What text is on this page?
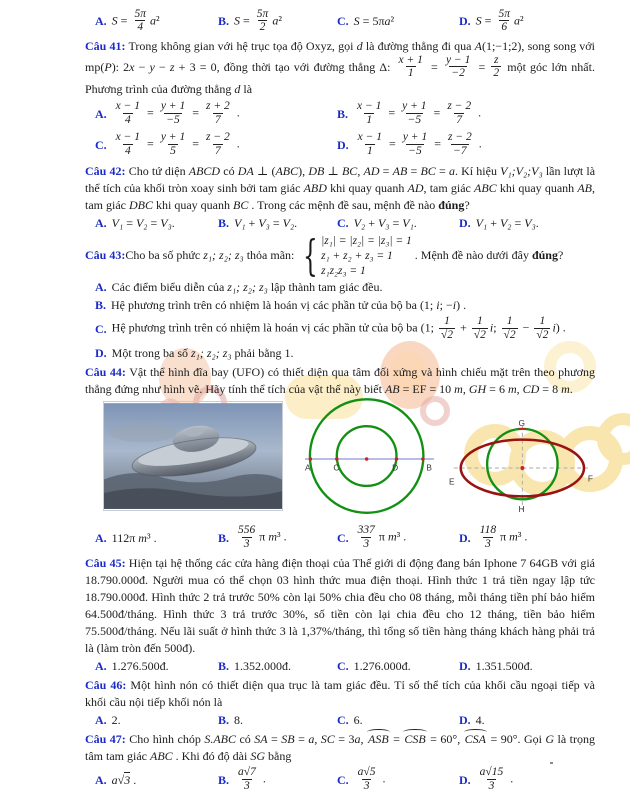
A. $S = \frac{5\pi}{4} a^2$	B. $S = \frac{5\pi}{2} a^2$	C. S = 5πa²	D. $S = \frac{5\pi}{6} a^2$

Câu 41: Trong không gian với hệ trục tọa độ Oxyz, gọi d là đường thẳng đi qua A(1;−1;2), song song với mp(P): 2x − y − z + 3 = 0, đồng thời tạo với đường thẳng Δ: $\frac{x + 1}{1} = \frac{y - 1}{-2} = \frac{z}{2}$ một góc lớn nhất. Phương trình của đường thẳng d là

A. $\frac{x - 1}{4} = \frac{y + 1}{-5} = \frac{z + 2}{7}$ .	B. $\frac{x - 1}{1} = \frac{y + 1}{-5} = \frac{z - 2}{7}$ .
C. $\frac{x - 1}{4} = \frac{y + 1}{5} = \frac{z - 2}{7}$ .	D. $\frac{x - 1}{1} = \frac{y + 1}{-5} = \frac{z - 2}{-7}$ .

Câu 42: Cho tứ diện ABCD có DA ⊥ (ABC), DB ⊥ BC, AD = AB = BC = a. Kí hiệu V₁;V₂;V₃ lần lượt là thể tích của khối tròn xoay sinh bởi tam giác ABD khi quay quanh AD, tam giác ABC khi quay quanh AB, tam giác DBC khi quay quanh BC . Trong các mệnh đề sau, mệnh đề nào đúng?

A. V₁ = V₂ = V₃.	B. V₁ + V₃ = V₂.	C. V₂ + V₃ = V₁.	D. V₁ + V₂ = V₃.
Câu 43: Cho ba số phức z₁; z₂; z₃ thỏa mãn: { |z₁| = |z₂| = |z₃| = 1
z₁ + z₂ + z₃ = 1
z₁z₂z₃ = 1
. Mệnh đề nào dưới đây đúng?
A. Các điểm biểu diễn của z₁; z₂; z₃ lập thành tam giác đều.
B. Hệ phương trình trên có nhiệm là hoán vị các phần tử của bộ ba (1; i; −i) .
C. Hệ phương trình trên có nhiệm là hoán vị các phần tử của bộ ba (1; $\frac{1}{√2} + \frac{1}{√2} i$; $\frac{1}{√2} - \frac{1}{√2} i$) .
D. Một trong ba số z₁; z₂; z₃ phải bằng 1.

Câu 44: Vật thể hình đĩa bay (UFO) có thiết diện qua tâm đối xứng và hình chiếu mặt trên theo phương thẳng đứng như hình vẽ. Hãy tính thể tích của vật thể này biết AB = EF = 10 m, GH = 6 m, CD = 8 m.

A	C	D	B
G
E	F
H
A. 112π m³ .	B. $\frac{556}{3}$ π m³ .	C. $\frac{337}{3}$ π m³ .	D. $\frac{118}{3}$ π m³ .

Câu 45: Hiện tại hệ thống các cửa hàng điện thoại của Thế giới di động đang bán Iphone 7 64GB với giá 18.790.000đ. Người mua có thể chọn 03 hình thức mua điện thoại. Hình thức 1 trả tiền ngay lập tức 18.790.000đ. Hình thức 2 trả trước 50% còn lại 50% chia đều cho 08 tháng, mỗi tháng tiền phí bảo hiểm 64.500đ/tháng. Hình thức 3 trả trước 30%, số tiền còn lại chia đều cho 12 tháng, tiền bảo hiểm 75.500đ/tháng. Nếu lãi suất ở hình thức 3 là 1,37%/tháng, thì tổng số tiền hàng tháng khách hàng phải trả là (làm tròn đến 500đ).

A. 1.276.500đ.	B. 1.352.000đ.	C. 1.276.000đ.	D. 1.351.500đ.

Câu 46: Một hình nón có thiết diện qua trục là tam giác đều. Tỉ số thể tích của khối cầu ngoại tiếp và khối cầu nội tiếp khối nón là

A. 2.	B. 8.	C. 6.	D. 4.

Câu 47: Cho hình chóp S.ABC có SA = SB = a, SC = 3a, ASB = CSB = 60°, CSA = 90°. Gọi G là trọng tâm tam giác ABC . Khi đó độ dài SG bằng

A. a√3 .	B. $\frac{a√7}{3}$ .	C. $\frac{a√5}{3}$ .	D. $\frac{a√15}{3}$ .
